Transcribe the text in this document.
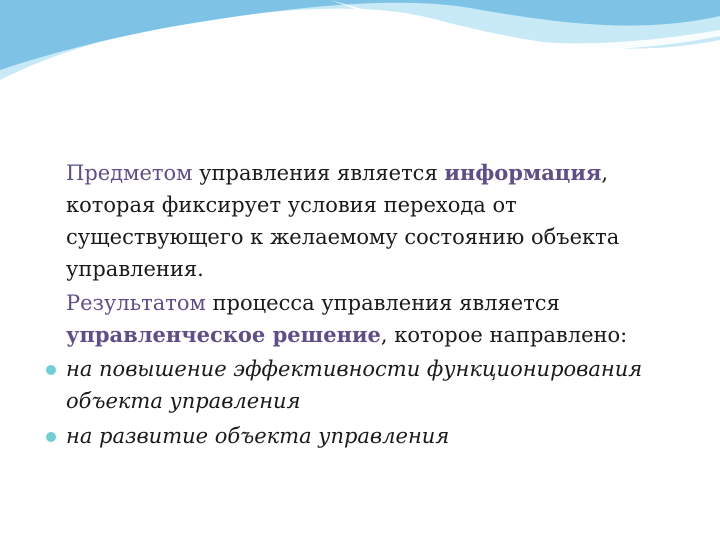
Предметом управления является информация,
которая фиксирует условия перехода от
существующего к желаемому состоянию объекта
управления.
Результатом процесса управления является
управленческое решение, которое направлено:
на повышение эффективности функционирования
объекта управления
на развитие объекта управления
